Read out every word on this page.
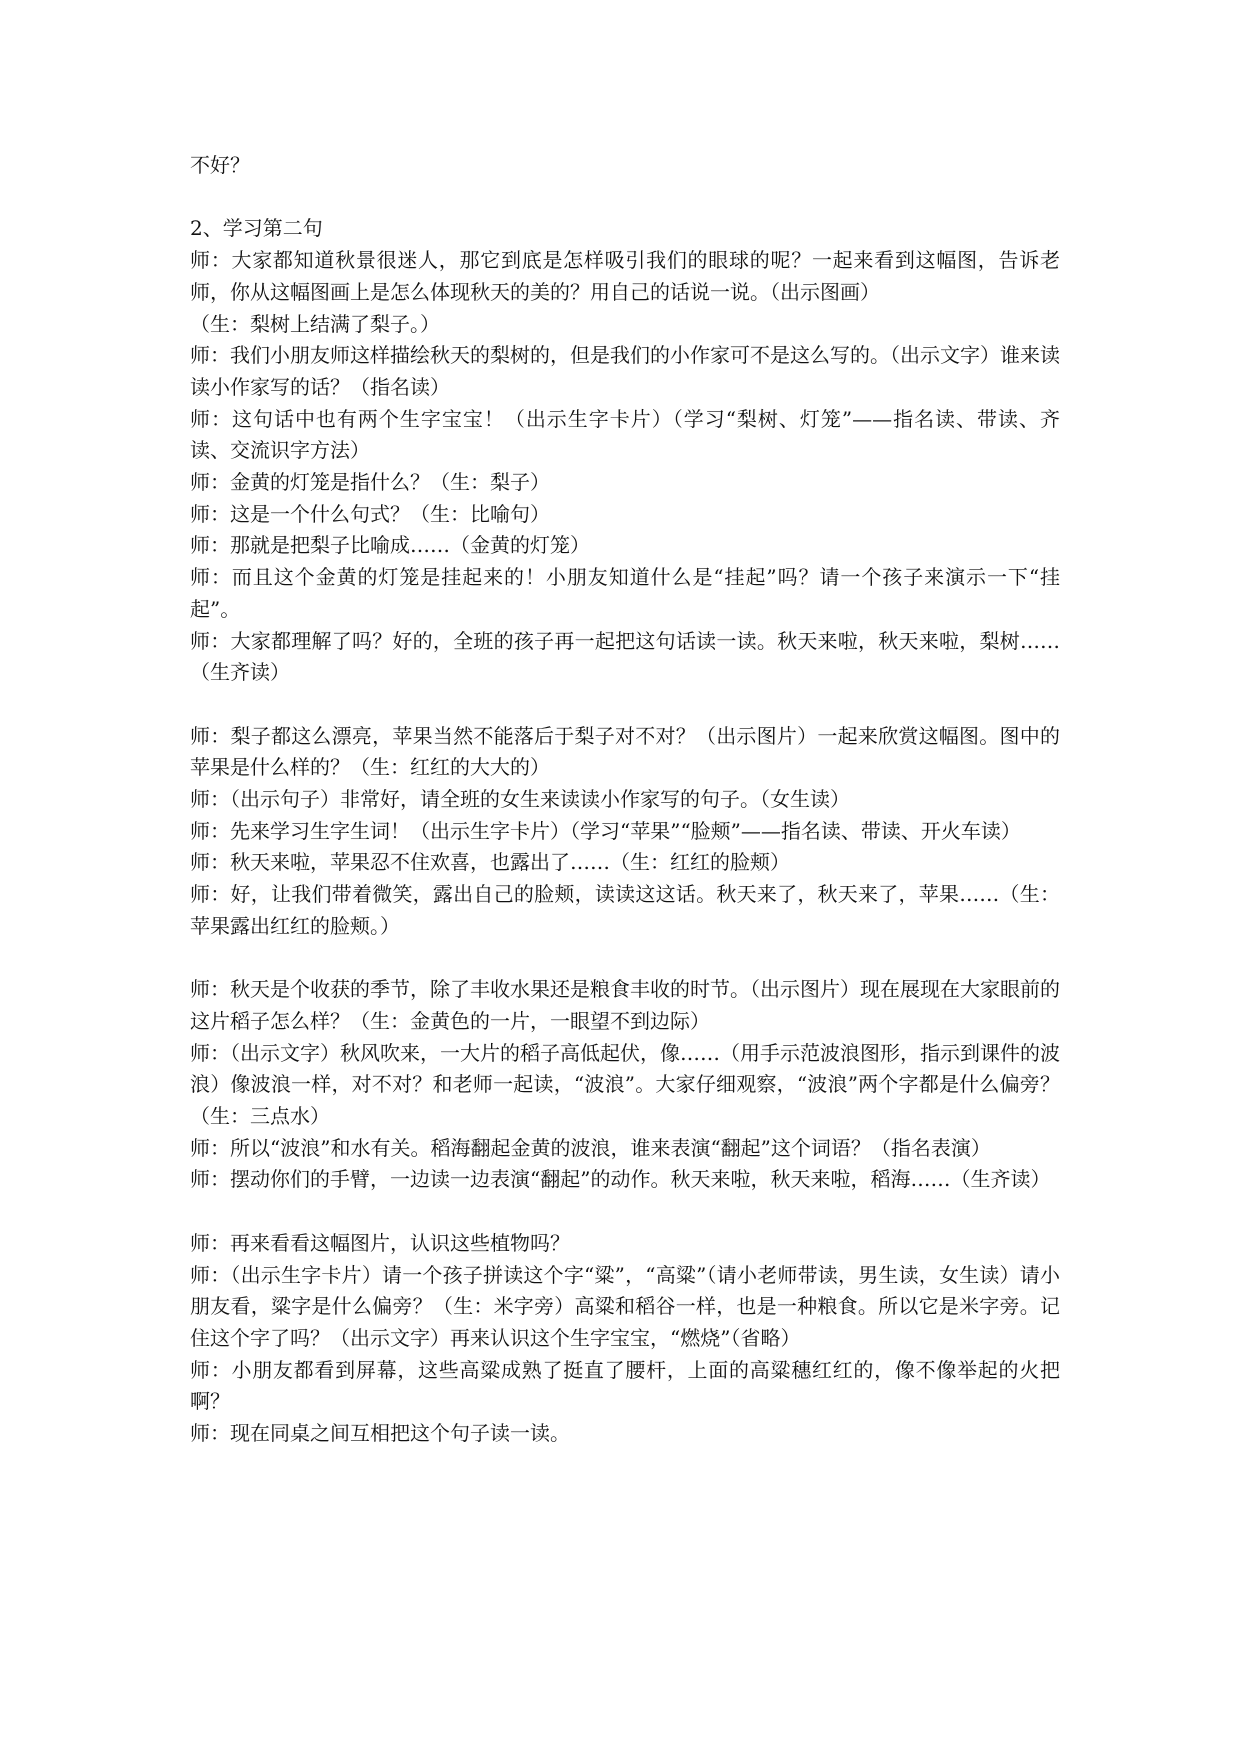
不好？

2、学习第二句

师：大家都知道秋景很迷人，那它到底是怎样吸引我们的眼球的呢？一起来看到这幅图，告诉老师，你从这幅图画上是怎么体现秋天的美的？用自己的话说一说。（出示图画）

（生：梨树上结满了梨子。）

师：我们小朋友师这样描绘秋天的梨树的，但是我们的小作家可不是这么写的。（出示文字）谁来读读小作家写的话？（指名读）

师：这句话中也有两个生字宝宝！（出示生字卡片）（学习“梨树、灯笼”——指名读、带读、齐读、交流识字方法）

师：金黄的灯笼是指什么？（生：梨子）

师：这是一个什么句式？（生：比喻句）

师：那就是把梨子比喻成……（金黄的灯笼）

师：而且这个金黄的灯笼是挂起来的！小朋友知道什么是“挂起”吗？请一个孩子来演示一下“挂起”。

师：大家都理解了吗？好的，全班的孩子再一起把这句话读一读。秋天来啦，秋天来啦，梨树……（生齐读）

师：梨子都这么漂亮，苹果当然不能落后于梨子对不对？（出示图片）一起来欣赏这幅图。图中的苹果是什么样的？（生：红红的大大的）

师：（出示句子）非常好，请全班的女生来读读小作家写的句子。（女生读）

师：先来学习生字生词！（出示生字卡片）（学习“苹果”“脸颊”——指名读、带读、开火车读）

师：秋天来啦，苹果忍不住欢喜，也露出了……（生：红红的脸颊）

师：好，让我们带着微笑，露出自己的脸颊，读读这这话。秋天来了，秋天来了，苹果……（生：苹果露出红红的脸颊。）

师：秋天是个收获的季节，除了丰收水果还是粮食丰收的时节。（出示图片）现在展现在大家眼前的这片稻子怎么样？（生：金黄色的一片，一眼望不到边际）

师：（出示文字）秋风吹来，一大片的稻子高低起伏，像……（用手示范波浪图形，指示到课件的波浪）像波浪一样，对不对？和老师一起读，“波浪”。大家仔细观察，“波浪”两个字都是什么偏旁？（生：三点水）

师：所以“波浪”和水有关。稻海翻起金黄的波浪，谁来表演“翻起”这个词语？（指名表演）

师：摆动你们的手臂，一边读一边表演“翻起”的动作。秋天来啦，秋天来啦，稻海……（生齐读）

师：再来看看这幅图片，认识这些植物吗？

师：（出示生字卡片）请一个孩子拼读这个字“粱”，“高粱”（请小老师带读，男生读，女生读）请小朋友看，粱字是什么偏旁？（生：米字旁）高粱和稻谷一样，也是一种粮食。所以它是米字旁。记住这个字了吗？（出示文字）再来认识这个生字宝宝，“燃烧”（省略）

师：小朋友都看到屏幕，这些高粱成熟了挺直了腰杆，上面的高粱穗红红的，像不像举起的火把啊？

师：现在同桌之间互相把这个句子读一读。
